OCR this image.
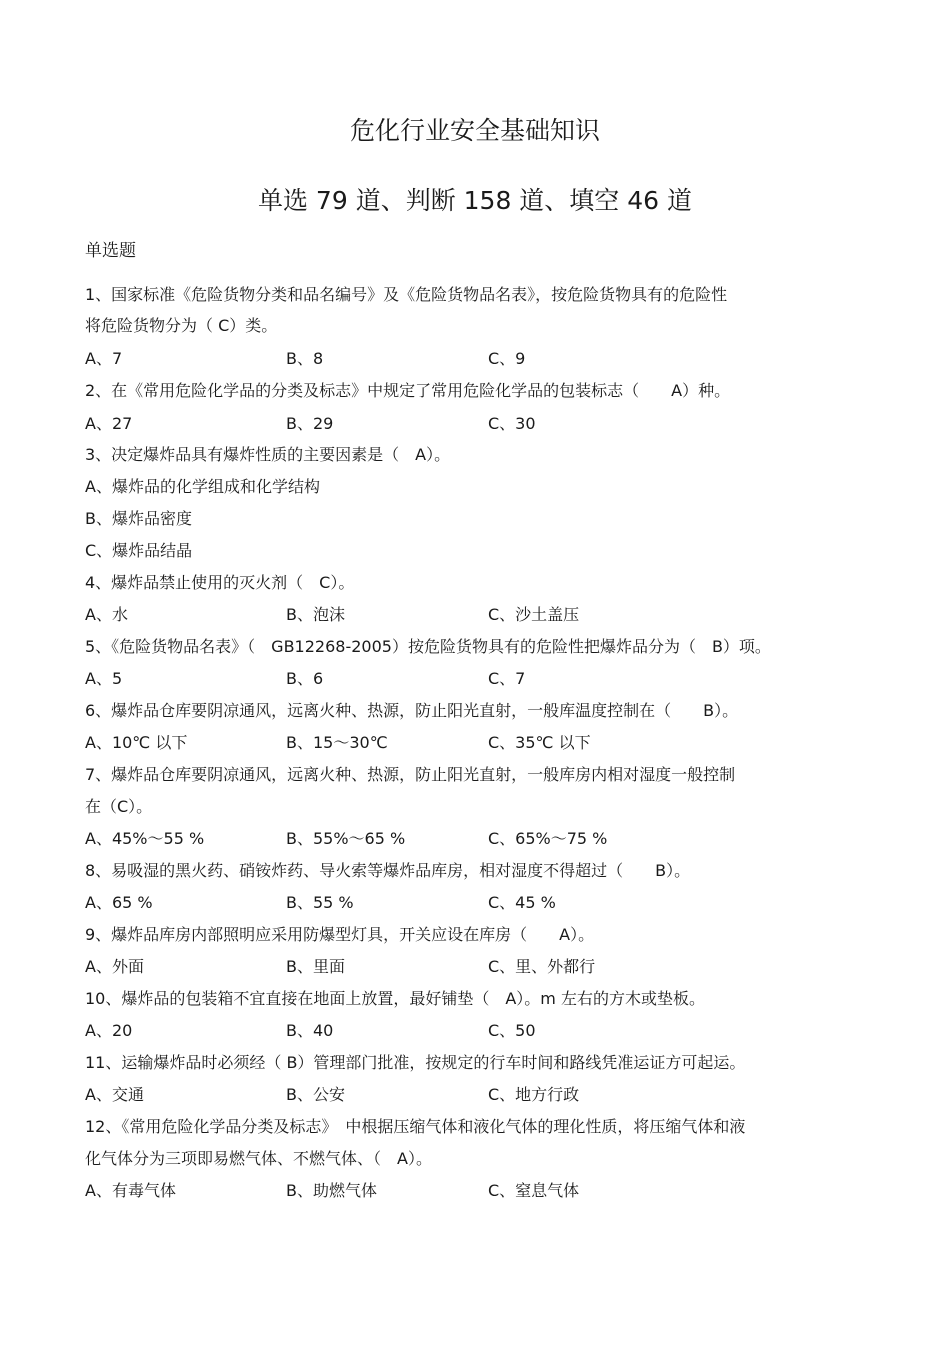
危化行业安全基础知识
单选 79 道、判断 158 道、填空 46 道
单选题
1、国家标准《危险货物分类和品名编号》及《危险货物品名表》，按危险货物具有的危险性
将危险货物分为（ C）类。
A、7	B、8	C、9
2、在《常用危险化学品的分类及标志》中规定了常用危险化学品的包装标志（　　A）种。
A、27	B、29	C、30
3、决定爆炸品具有爆炸性质的主要因素是（　A）。
A、爆炸品的化学组成和化学结构
B、爆炸品密度
C、爆炸品结晶
4、爆炸品禁止使用的灭火剂（　C）。
A、水	B、泡沫	C、沙土盖压
5、《危险货物品名表》（　GB12268-2005）按危险货物具有的危险性把爆炸品分为（　B）项。
A、5	B、6	C、7
6、爆炸品仓库要阴凉通风，远离火种、热源，防止阳光直射，一般库温度控制在（　　B）。
A、10℃ 以下	B、15～30℃	C、35℃ 以下
7、爆炸品仓库要阴凉通风，远离火种、热源，防止阳光直射，一般库房内相对湿度一般控制
在（C）。
A、45%～55 %	B、55%～65 %	C、65%～75 %
8、易吸湿的黑火药、硝铵炸药、导火索等爆炸品库房，相对湿度不得超过（　　B）。
A、65 %	B、55 %	C、45 %
9、爆炸品库房内部照明应采用防爆型灯具，开关应设在库房（　　A）。
A、外面	B、里面	C、里、外都行
10、爆炸品的包装箱不宜直接在地面上放置，最好铺垫（　A）。m 左右的方木或垫板。
A、20	B、40	C、50
11、运输爆炸品时必须经（ B）管理部门批准，按规定的行车时间和路线凭准运证方可起运。
A、交通	B、公安	C、地方行政
12、《常用危险化学品分类及标志》　中根据压缩气体和液化气体的理化性质，将压缩气体和液
化气体分为三项即易燃气体、不燃气体、（　A）。
A、有毒气体	B、助燃气体	C、窒息气体
